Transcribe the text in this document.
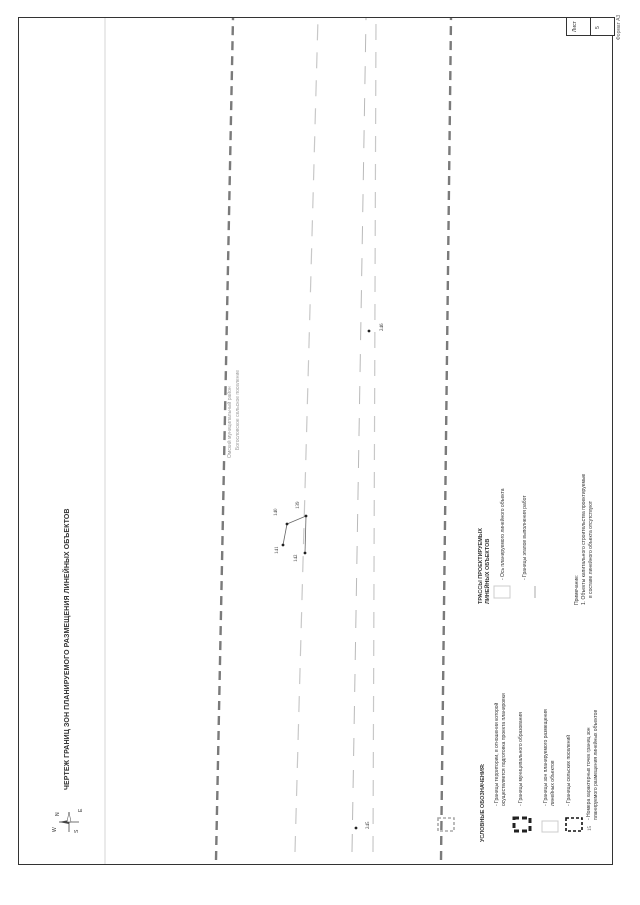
ЧЕРТЕЖ ГРАНИЦ ЗОН ПЛАНИРУЕМОГО РАЗМЕЩЕНИЯ ЛИНЕЙНЫХ ОБЪЕКТОВ
W
N
E
S
Омский муниципальный район Богословское сельское поселение
141
140
139
142
245
246
УСЛОВНЫЕ ОБОЗНАЧЕНИЯ: - Границы территории, в отношении которой осуществляется подготовка проекта планировки - Границы муниципального образования	- Границы зон планируемого размещения линейных объектов - Границы сельских поселений
15
- Номера характерных точек границ зон планируемого размещения линейных объектов
ТРАССЫ ПРОЕКТИРУЕМЫХ ЛИНЕЙНЫХ ОБЪЕКТОВ - Ось планируемого линейного объекта	- Границы этапов выполнения работ
Примечание: 1. Объекты капитального строительства проектируемые в составе линейного объекта отсутствуют
Лист	5	Формат А3
